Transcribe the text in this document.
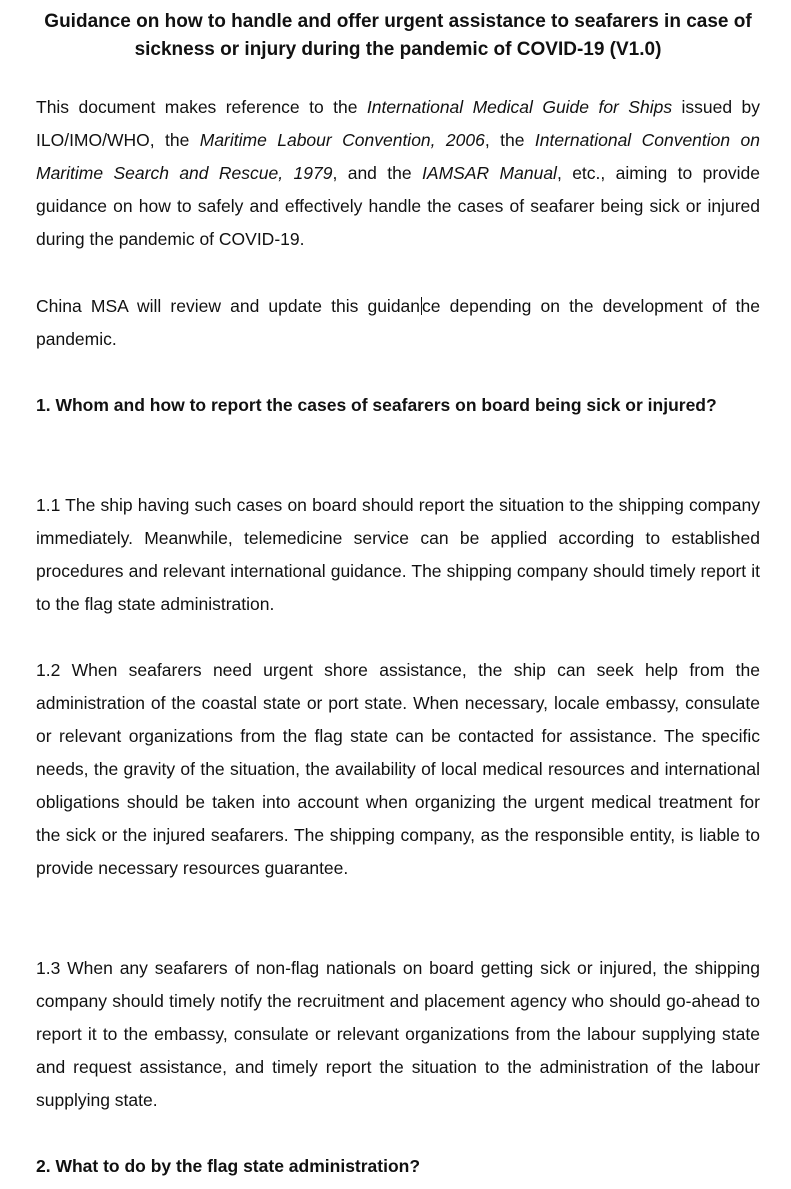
Guidance on how to handle and offer urgent assistance to seafarers in case of sickness or injury during the pandemic of COVID-19 (V1.0)

This document makes reference to the International Medical Guide for Ships issued by ILO/IMO/WHO, the Maritime Labour Convention, 2006, the International Convention on Maritime Search and Rescue, 1979, and the IAMSAR Manual, etc., aiming to provide guidance on how to safely and effectively handle the cases of seafarer being sick or injured during the pandemic of COVID-19.

China MSA will review and update this guidan ce depending on the development of the pandemic.

1. Whom and how to report the cases of seafarers on board being sick or injured?

1.1 The ship having such cases on board should report the situation to the shipping company immediately. Meanwhile, telemedicine service can be applied according to established procedures and relevant international guidance. The shipping company should timely report it to the flag state administration.

1.2 When seafarers need urgent shore assistance, the ship can seek help from the administration of the coastal state or port state. When necessary, locale embassy, consulate or relevant organizations from the flag state can be contacted for assistance. The specific needs, the gravity of the situation, the availability of local medical resources and international obligations should be taken into account when organizing the urgent medical treatment for the sick or the injured seafarers. The shipping company, as the responsible entity, is liable to provide necessary resources guarantee.

1.3 When any seafarers of non-flag nationals on board getting sick or injured, the shipping company should timely notify the recruitment and placement agency who should go-ahead to report it to the embassy, consulate or relevant organizations from the labour supplying state and request assistance, and timely report the situation to the administration of the labour supplying state.

2. What to do by the flag state administration?
